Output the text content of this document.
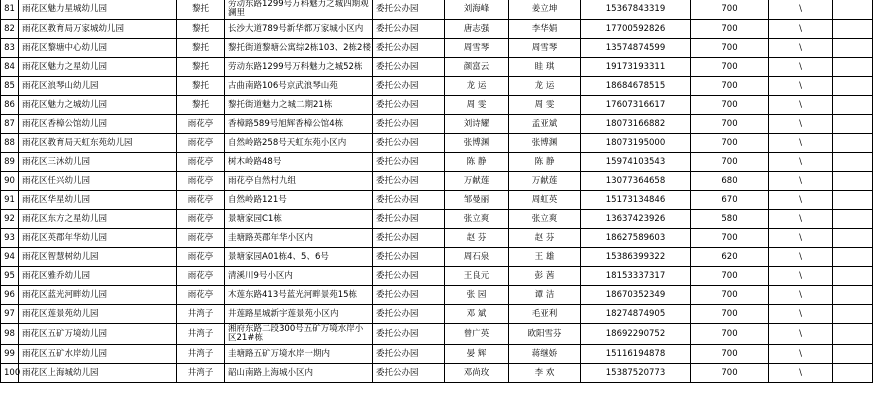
81	雨花区魅力星城幼儿园	黎托	劳动东路1299号万科魅力之城四期观澜里	委托公办园	刘海峰	姜立坤	15367843319	700	\	
82	雨花区教育局万家城幼儿园	黎托	长沙大道789号新华都万家城小区内	委托公办园	唐志强	李华娟	17700592826	700	\	
83	雨花区黎塘中心幼儿园	黎托	黎托街道黎塘公寓综2栋103、2栋2楼	委托公办园	周雪琴	周雪琴	13574874599	700	\	
84	雨花区魅力之星幼儿园	黎托	劳动东路1299号万科魅力之城52栋	委托公办园	颜富云	眭 琪	19173193311	700	\	
85	雨花区浪琴山幼儿园	黎托	古曲南路106号京武浪琴山苑	委托公办园	龙 运	龙 运	18684678515	700	\	
86	雨花区魅力之城幼儿园	黎托	黎托街道魅力之城二期21栋	委托公办园	周 雯	周 雯	17607316617	700	\	
87	雨花区香樟公馆幼儿园	雨花亭	香樟路589号旭辉香樟公馆4栋	委托公办园	刘诗耀	孟亚斌	18073166882	700	\	
88	雨花区教育局天虹东苑幼儿园	雨花亭	自然岭路258号天虹东苑小区内	委托公办园	张博渊	张博渊	18073195000	700	\	
89	雨花区三沐幼儿园	雨花亭	树木岭路48号	委托公办园	陈 静	陈 静	15974103543	700	\	
90	雨花区任兴幼儿园	雨花亭	雨花亭自然村九组	委托公办园	万献莲	万献莲	13077364658	680	\	
91	雨花区华星幼儿园	雨花亭	自然岭路121号	委托公办园	邹曼丽	周虹英	15173134846	670	\	
92	雨花区东方之星幼儿园	雨花亭	景塘家园C1栋	委托公办园	张立爽	张立爽	13637423926	580	\	
93	雨花区英郡年华幼儿园	雨花亭	圭塘路英郡年华小区内	委托公办园	赵 芬	赵 芬	18627589603	700	\	
94	雨花区智慧树幼儿园	雨花亭	景塘家园A01栋4、5、6号	委托公办园	周石泉	王 雄	15386399322	620	\	
95	雨花区雅乔幼儿园	雨花亭	清溪川9号小区内	委托公办园	王良元	彭 茜	18153337317	700	\	
96	雨花区蓝光河畔幼儿园	雨花亭	木莲东路413号蓝光河畔景苑15栋	委托公办园	张 园	谭 洁	18670352349	700	\	
97	雨花区莲景苑幼儿园	井湾子	井莲路星城新宇莲景苑小区内	委托公办园	邓 斌	毛亚利	18274874905	700	\	
98	雨花区五矿万境幼儿园	井湾子	湘府东路二段300号五矿万境水岸小区21#栋	委托公办园	曾广英	欧阳雪芬	18692290752	700	\	
99	雨花区五矿水岸幼儿园	井湾子	圭塘路五矿万境水岸一期内	委托公办园	晏 辉	蒋继娇	15116194878	700	\	
100	雨花区上海城幼儿园	井湾子	韶山南路上海城小区内	委托公办园	邓尚玫	李 欢	15387520773	700	\	
